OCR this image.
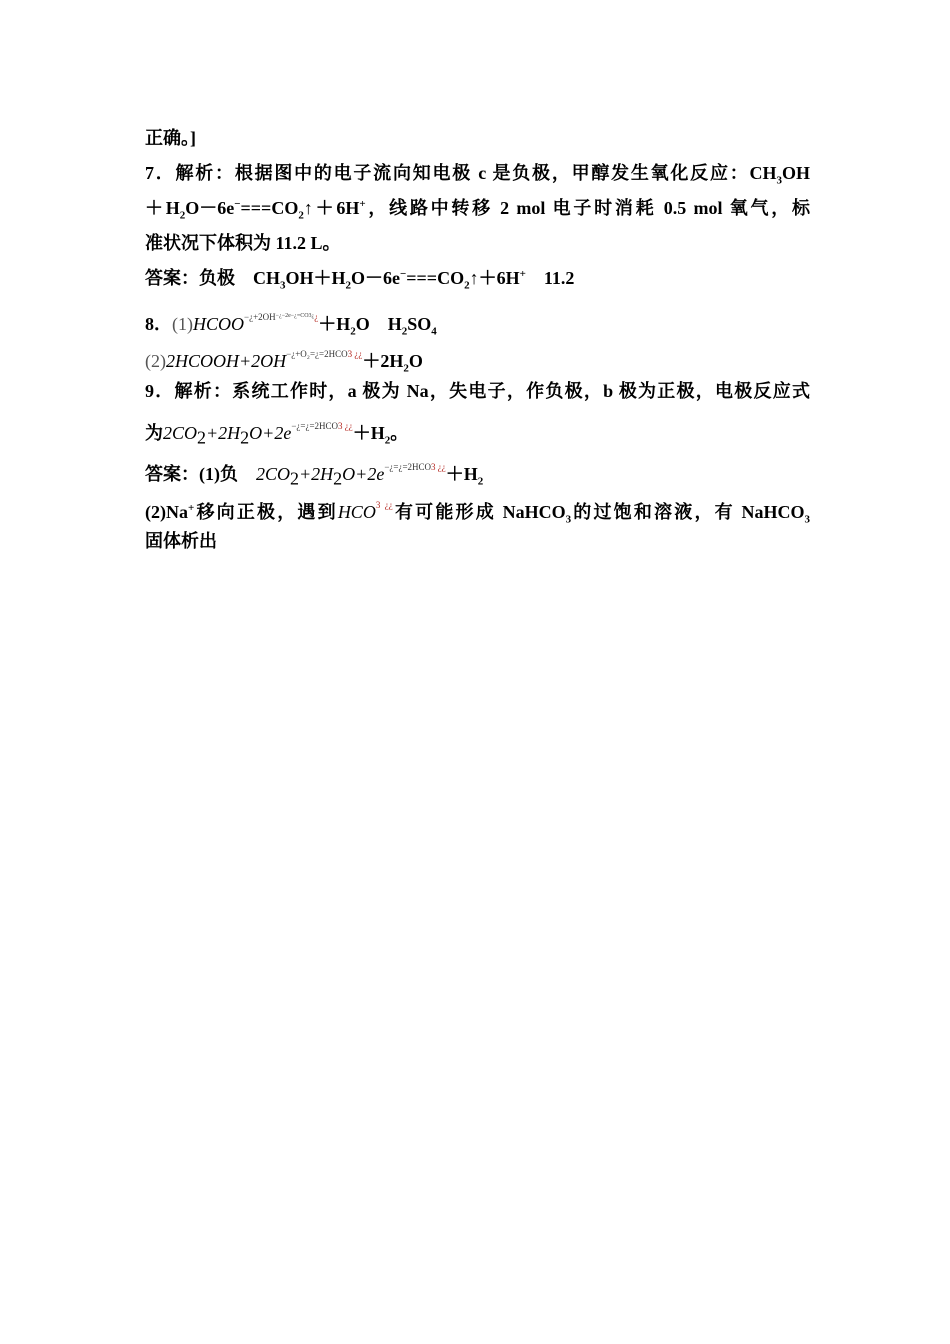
正确。]
7．解析：根据图中的电子流向知电极 c 是负极，甲醇发生氧化反应：$CH_3OH$
$+H_2O-6e^-===CO_2↑+6H^+$，线路中转移 2 mol 电子时消耗 0.5 mol 氧气，标
准状况下体积为 11.2 L。
答案：负极　$CH_3OH+H_2O-6e^-===CO_2↑+6H^+$　11.2
8．$(1)HCOO^{-¿+2OH-¿-2e-¿=CO3¿¿}+H_2O$　$H_2SO_4$
$(2)2HCOOH+2OH^{-¿+O_2=¿=2HCO3 ¿¿}+2H_2O$
9．解析：系统工作时，a 极为 Na，失电子，作负极，b 极为正极，电极反应式
为$2CO_2+2H_2O+2e^{-¿=¿=2HCO3 ¿¿}+H_2$。
答案：(1)负　$2CO_2+2H_2O+2e^{-¿=¿=2HCO3 ¿¿}+H_2$
(2)Na+移向正极，遇到$HCO^{3 ¿¿}$有可能形成 NaHCO$_3$的过饱和溶液，有 NaHCO$_3$
固体析出
